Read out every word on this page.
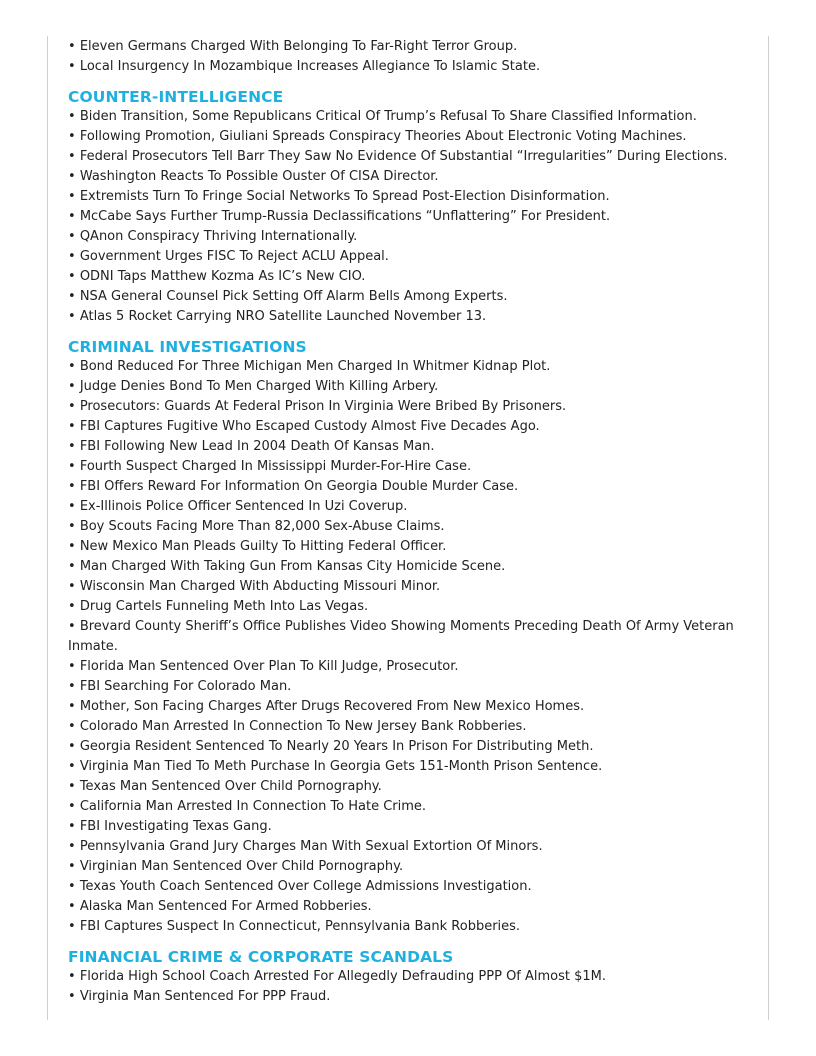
• Eleven Germans Charged With Belonging To Far-Right Terror Group.
• Local Insurgency In Mozambique Increases Allegiance To Islamic State.
COUNTER-INTELLIGENCE
• Biden Transition, Some Republicans Critical Of Trump’s Refusal To Share Classified Information.
• Following Promotion, Giuliani Spreads Conspiracy Theories About Electronic Voting Machines.
• Federal Prosecutors Tell Barr They Saw No Evidence Of Substantial “Irregularities” During Elections.
• Washington Reacts To Possible Ouster Of CISA Director.
• Extremists Turn To Fringe Social Networks To Spread Post-Election Disinformation.
• McCabe Says Further Trump-Russia Declassifications “Unflattering” For President.
• QAnon Conspiracy Thriving Internationally.
• Government Urges FISC To Reject ACLU Appeal.
• ODNI Taps Matthew Kozma As IC’s New CIO.
• NSA General Counsel Pick Setting Off Alarm Bells Among Experts.
• Atlas 5 Rocket Carrying NRO Satellite Launched November 13.
CRIMINAL INVESTIGATIONS
• Bond Reduced For Three Michigan Men Charged In Whitmer Kidnap Plot.
• Judge Denies Bond To Men Charged With Killing Arbery.
• Prosecutors: Guards At Federal Prison In Virginia Were Bribed By Prisoners.
• FBI Captures Fugitive Who Escaped Custody Almost Five Decades Ago.
• FBI Following New Lead In 2004 Death Of Kansas Man.
• Fourth Suspect Charged In Mississippi Murder-For-Hire Case.
• FBI Offers Reward For Information On Georgia Double Murder Case.
• Ex-Illinois Police Officer Sentenced In Uzi Coverup.
• Boy Scouts Facing More Than 82,000 Sex-Abuse Claims.
• New Mexico Man Pleads Guilty To Hitting Federal Officer.
• Man Charged With Taking Gun From Kansas City Homicide Scene.
• Wisconsin Man Charged With Abducting Missouri Minor.
• Drug Cartels Funneling Meth Into Las Vegas.
• Brevard County Sheriff’s Office Publishes Video Showing Moments Preceding Death Of Army Veteran Inmate.
• Florida Man Sentenced Over Plan To Kill Judge, Prosecutor.
• FBI Searching For Colorado Man.
• Mother, Son Facing Charges After Drugs Recovered From New Mexico Homes.
• Colorado Man Arrested In Connection To New Jersey Bank Robberies.
• Georgia Resident Sentenced To Nearly 20 Years In Prison For Distributing Meth.
• Virginia Man Tied To Meth Purchase In Georgia Gets 151-Month Prison Sentence.
• Texas Man Sentenced Over Child Pornography.
• California Man Arrested In Connection To Hate Crime.
• FBI Investigating Texas Gang.
• Pennsylvania Grand Jury Charges Man With Sexual Extortion Of Minors.
• Virginian Man Sentenced Over Child Pornography.
• Texas Youth Coach Sentenced Over College Admissions Investigation.
• Alaska Man Sentenced For Armed Robberies.
• FBI Captures Suspect In Connecticut, Pennsylvania Bank Robberies.
FINANCIAL CRIME & CORPORATE SCANDALS
• Florida High School Coach Arrested For Allegedly Defrauding PPP Of Almost $1M.
• Virginia Man Sentenced For PPP Fraud.
